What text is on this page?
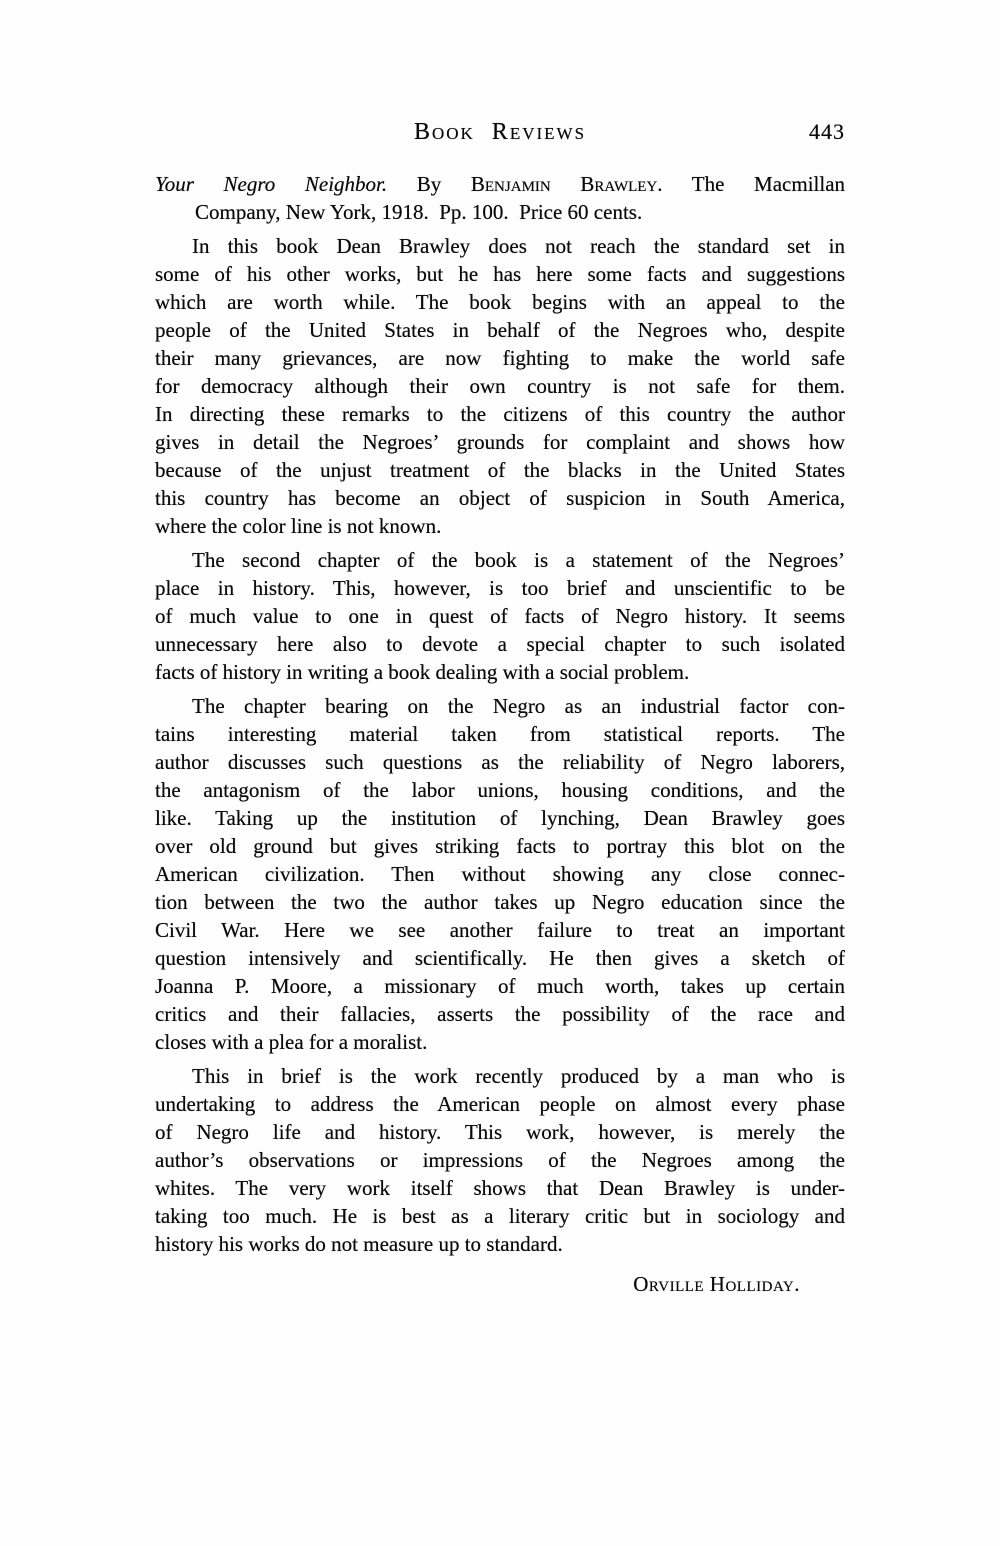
Book Reviews	443
Your Negro Neighbor. By Benjamin Brawley. The Macmillan
Company, New York, 1918.  Pp. 100.  Price 60 cents.
In this book Dean Brawley does not reach the standard set in
some of his other works, but he has here some facts and suggestions
which are worth while. The book begins with an appeal to the
people of the United States in behalf of the Negroes who, despite
their many grievances, are now fighting to make the world safe
for democracy although their own country is not safe for them.
In directing these remarks to the citizens of this country the author
gives in detail the Negroes’ grounds for complaint and shows how
because of the unjust treatment of the blacks in the United States
this country has become an object of suspicion in South America,
where the color line is not known.
The second chapter of the book is a statement of the Negroes’
place in history. This, however, is too brief and unscientific to be
of much value to one in quest of facts of Negro history. It seems
unnecessary here also to devote a special chapter to such isolated
facts of history in writing a book dealing with a social problem.
The chapter bearing on the Negro as an industrial factor con-
tains interesting material taken from statistical reports. The
author discusses such questions as the reliability of Negro laborers,
the antagonism of the labor unions, housing conditions, and the
like. Taking up the institution of lynching, Dean Brawley goes
over old ground but gives striking facts to portray this blot on the
American civilization. Then without showing any close connec-
tion between the two the author takes up Negro education since the
Civil War. Here we see another failure to treat an important
question intensively and scientifically. He then gives a sketch of
Joanna P. Moore, a missionary of much worth, takes up certain
critics and their fallacies, asserts the possibility of the race and
closes with a plea for a moralist.
This in brief is the work recently produced by a man who is
undertaking to address the American people on almost every phase
of Negro life and history. This work, however, is merely the
author’s observations or impressions of the Negroes among the
whites. The very work itself shows that Dean Brawley is under-
taking too much. He is best as a literary critic but in sociology and
history his works do not measure up to standard.
Orville Holliday.
